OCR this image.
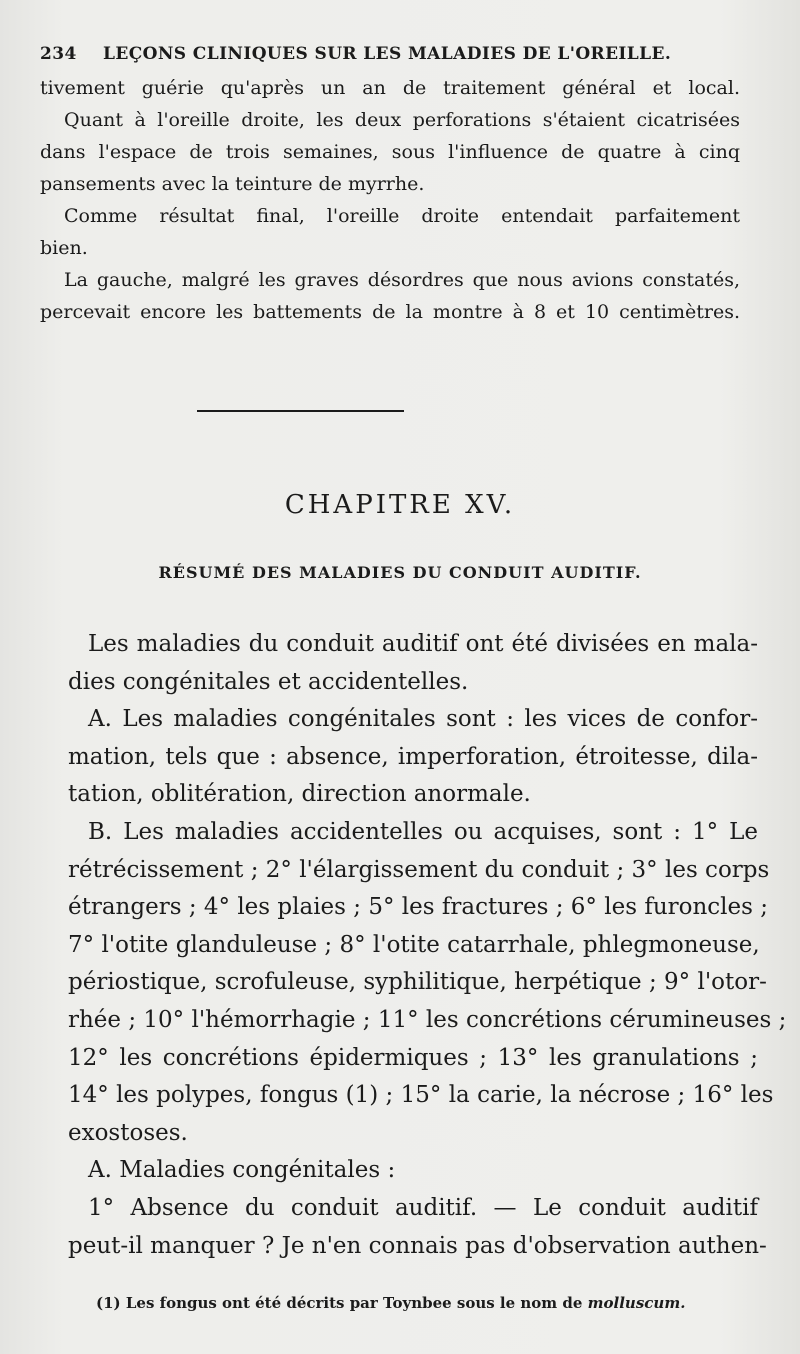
234 LEÇONS CLINIQUES SUR LES MALADIES DE L'OREILLE.
tivement guérie qu'après un an de traitement général et local.
Quant à l'oreille droite, les deux perforations s'étaient cicatrisées
dans l'espace de trois semaines, sous l'influence de quatre à cinq
pansements avec la teinture de myrrhe.
Comme résultat final, l'oreille droite entendait parfaitement
bien.
La gauche, malgré les graves désordres que nous avions constatés,
percevait encore les battements de la montre à 8 et 10 centimètres.
CHAPITRE XV.
RÉSUMÉ DES MALADIES DU CONDUIT AUDITIF.
Les maladies du conduit auditif ont été divisées en mala-
dies congénitales et accidentelles.
A. Les maladies congénitales sont : les vices de confor-
mation, tels que : absence, imperforation, étroitesse, dila-
tation, oblitération, direction anormale.
B. Les maladies accidentelles ou acquises, sont : 1° Le
rétrécissement ; 2° l'élargissement du conduit ; 3° les corps
étrangers ; 4° les plaies ; 5° les fractures ; 6° les furoncles ;
7° l'otite glanduleuse ; 8° l'otite catarrhale, phlegmoneuse,
périostique, scrofuleuse, syphilitique, herpétique ; 9° l'otor-
rhée ; 10° l'hémorrhagie ; 11° les concrétions cérumineuses ;
12° les concrétions épidermiques ; 13° les granulations ;
14° les polypes, fongus (1) ; 15° la carie, la nécrose ; 16° les
exostoses.
A. Maladies congénitales :
1° Absence du conduit auditif. — Le conduit auditif
peut-il manquer ? Je n'en connais pas d'observation authen-
(1) Les fongus ont été décrits par Toynbee sous le nom de molluscum.
